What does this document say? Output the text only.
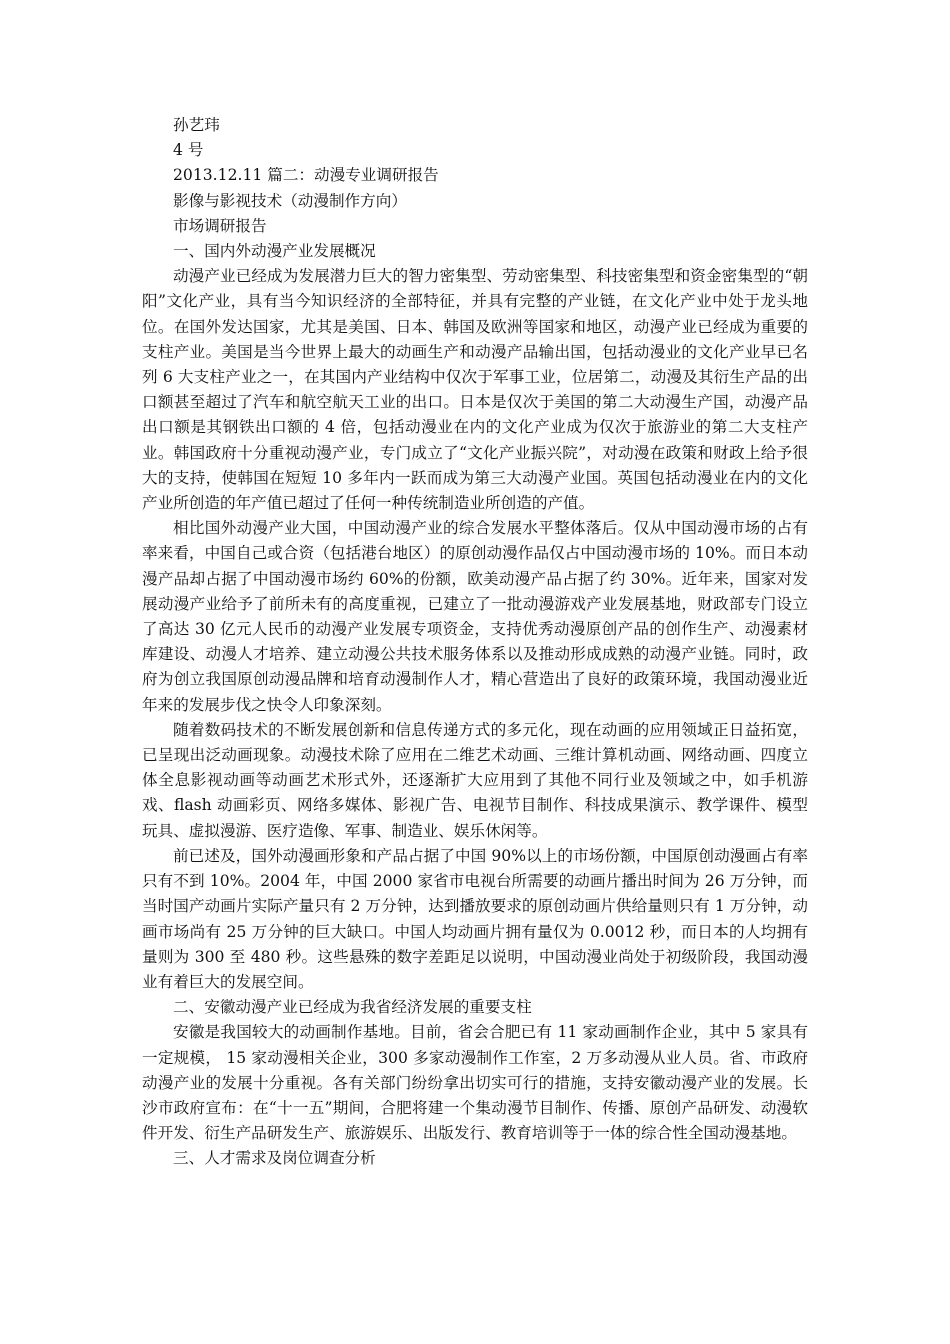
孙艺玮

4 号

2013.12.11 篇二：动漫专业调研报告

影像与影视技术（动漫制作方向）

市场调研报告

一、国内外动漫产业发展概况

动漫产业已经成为发展潜力巨大的智力密集型、劳动密集型、科技密集型和资金密集型的“朝阳”文化产业，具有当今知识经济的全部特征，并具有完整的产业链，在文化产业中处于龙头地位。在国外发达国家，尤其是美国、日本、韩国及欧洲等国家和地区，动漫产业已经成为重要的支柱产业。美国是当今世界上最大的动画生产和动漫产品输出国，包括动漫业的文化产业早已名列 6 大支柱产业之一，在其国内产业结构中仅次于军事工业，位居第二，动漫及其衍生产品的出口额甚至超过了汽车和航空航天工业的出口。日本是仅次于美国的第二大动漫生产国，动漫产品出口额是其钢铁出口额的 4 倍，包括动漫业在内的文化产业成为仅次于旅游业的第二大支柱产业。韩国政府十分重视动漫产业，专门成立了“文化产业振兴院”，对动漫在政策和财政上给予很大的支持，使韩国在短短 10 多年内一跃而成为第三大动漫产业国。英国包括动漫业在内的文化产业所创造的年产值已超过了任何一种传统制造业所创造的产值。

相比国外动漫产业大国，中国动漫产业的综合发展水平整体落后。仅从中国动漫市场的占有率来看，中国自己或合资（包括港台地区）的原创动漫作品仅占中国动漫市场的 10%。而日本动漫产品却占据了中国动漫市场约 60%的份额，欧美动漫产品占据了约 30%。近年来，国家对发展动漫产业给予了前所未有的高度重视，已建立了一批动漫游戏产业发展基地，财政部专门设立了高达 30 亿元人民币的动漫产业发展专项资金，支持优秀动漫原创产品的创作生产、动漫素材库建设、动漫人才培养、建立动漫公共技术服务体系以及推动形成成熟的动漫产业链。同时，政府为创立我国原创动漫品牌和培育动漫制作人才，精心营造出了良好的政策环境，我国动漫业近年来的发展步伐之快令人印象深刻。

随着数码技术的不断发展创新和信息传递方式的多元化，现在动画的应用领域正日益拓宽，已呈现出泛动画现象。动漫技术除了应用在二维艺术动画、三维计算机动画、网络动画、四度立体全息影视动画等动画艺术形式外，还逐渐扩大应用到了其他不同行业及领域之中，如手机游戏、flash 动画彩页、网络多媒体、影视广告、电视节目制作、科技成果演示、教学课件、模型玩具、虚拟漫游、医疗造像、军事、制造业、娱乐休闲等。

前已述及，国外动漫画形象和产品占据了中国 90%以上的市场份额，中国原创动漫画占有率只有不到 10%。2004 年，中国 2000 家省市电视台所需要的动画片播出时间为 26 万分钟，而当时国产动画片实际产量只有 2 万分钟，达到播放要求的原创动画片供给量则只有 1 万分钟，动画市场尚有 25 万分钟的巨大缺口。中国人均动画片拥有量仅为 0.0012 秒，而日本的人均拥有量则为 300 至 480 秒。这些悬殊的数字差距足以说明，中国动漫业尚处于初级阶段，我国动漫业有着巨大的发展空间。

二、安徽动漫产业已经成为我省经济发展的重要支柱

安徽是我国较大的动画制作基地。目前，省会合肥已有 11 家动画制作企业，其中 5 家具有一定规模， 15 家动漫相关企业，300 多家动漫制作工作室，2 万多动漫从业人员。省、市政府动漫产业的发展十分重视。各有关部门纷纷拿出切实可行的措施，支持安徽动漫产业的发展。长沙市政府宣布：在“十一五”期间，合肥将建一个集动漫节目制作、传播、原创产品研发、动漫软件开发、衍生产品研发生产、旅游娱乐、出版发行、教育培训等于一体的综合性全国动漫基地。

三、人才需求及岗位调查分析
